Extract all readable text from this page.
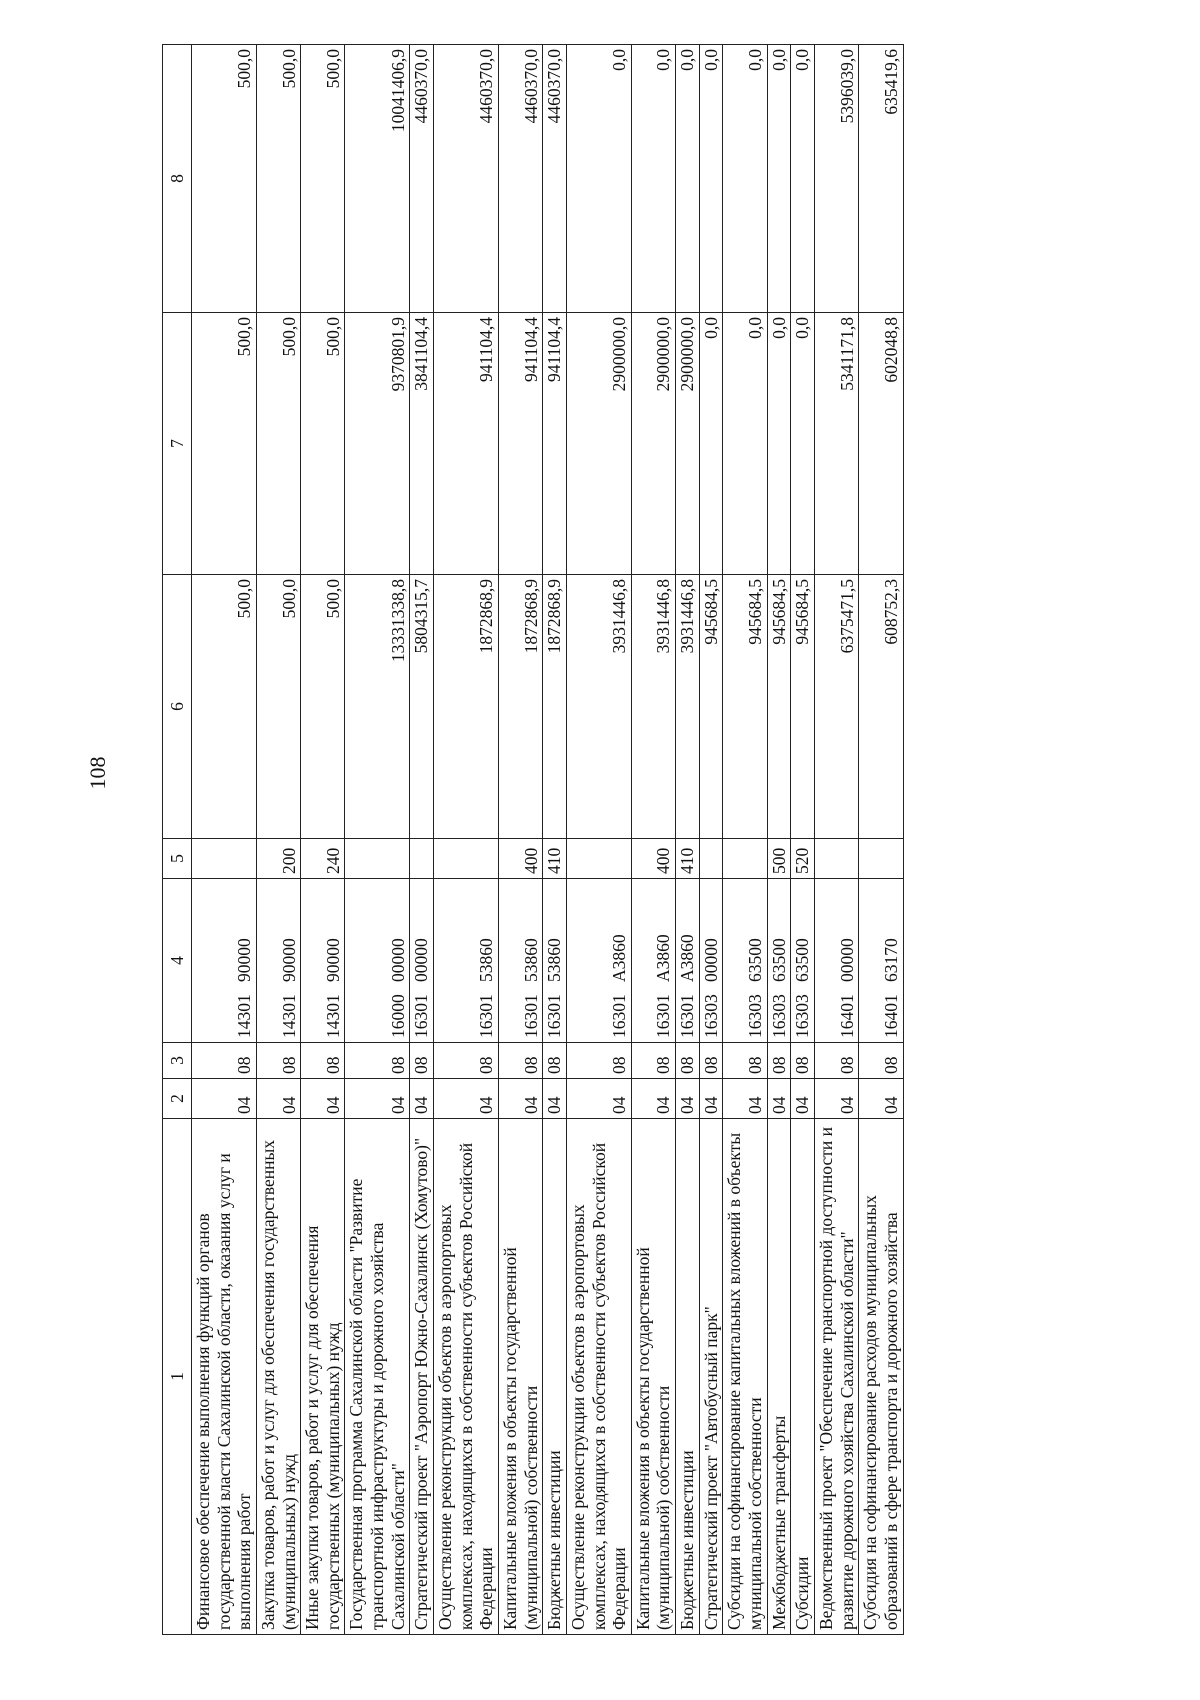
108
1	2	3	4	5	6	7	8
Финансовое обеспечение выполнения функций органов государственной власти Сахалинской области, оказания услуг и выполнения работ	04	08	1430190000		500,0	500,0	500,0
Закупка товаров, работ и услуг для обеспечения государственных (муниципальных) нужд	04	08	1430190000	200	500,0	500,0	500,0
Иные закупки товаров, работ и услуг для обеспечения государственных (муниципальных) нужд	04	08	1430190000	240	500,0	500,0	500,0
Государственная программа Сахалинской области "Развитие транспортной инфраструктуры и дорожного хозяйства Сахалинской области"	04	08	1600000000		13331338,8	9370801,9	10041406,9
Стратегический проект "Аэропорт Южно-Сахалинск (Хомутово)"	04	08	1630100000		5804315,7	3841104,4	4460370,0
Осуществление реконструкции объектов в аэропортовых комплексах, находящихся в собственности субъектов Российской Федерации	04	08	1630153860		1872868,9	941104,4	4460370,0
Капитальные вложения в объекты государственной (муниципальной) собственности	04	08	1630153860	400	1872868,9	941104,4	4460370,0
Бюджетные инвестиции	04	08	1630153860	410	1872868,9	941104,4	4460370,0
Осуществление реконструкции объектов в аэропортовых комплексах, находящихся в собственности субъектов Российской Федерации	04	08	16301А3860		3931446,8	2900000,0	0,0
Капитальные вложения в объекты государственной (муниципальной) собственности	04	08	16301А3860	400	3931446,8	2900000,0	0,0
Бюджетные инвестиции	04	08	16301А3860	410	3931446,8	2900000,0	0,0
Стратегический проект "Автобусный парк"	04	08	1630300000		945684,5	0,0	0,0
Субсидии на софинансирование капитальных вложений в объекты муниципальной собственности	04	08	1630363500		945684,5	0,0	0,0
Межбюджетные трансферты	04	08	1630363500	500	945684,5	0,0	0,0
Субсидии	04	08	1630363500	520	945684,5	0,0	0,0
Ведомственный проект "Обеспечение транспортной доступности и развитие дорожного хозяйства Сахалинской области"	04	08	1640100000		6375471,5	5341171,8	5396039,0
Субсидия на софинансирование расходов муниципальных образований в сфере транспорта и дорожного хозяйства	04	08	1640163170		608752,3	602048,8	635419,6
